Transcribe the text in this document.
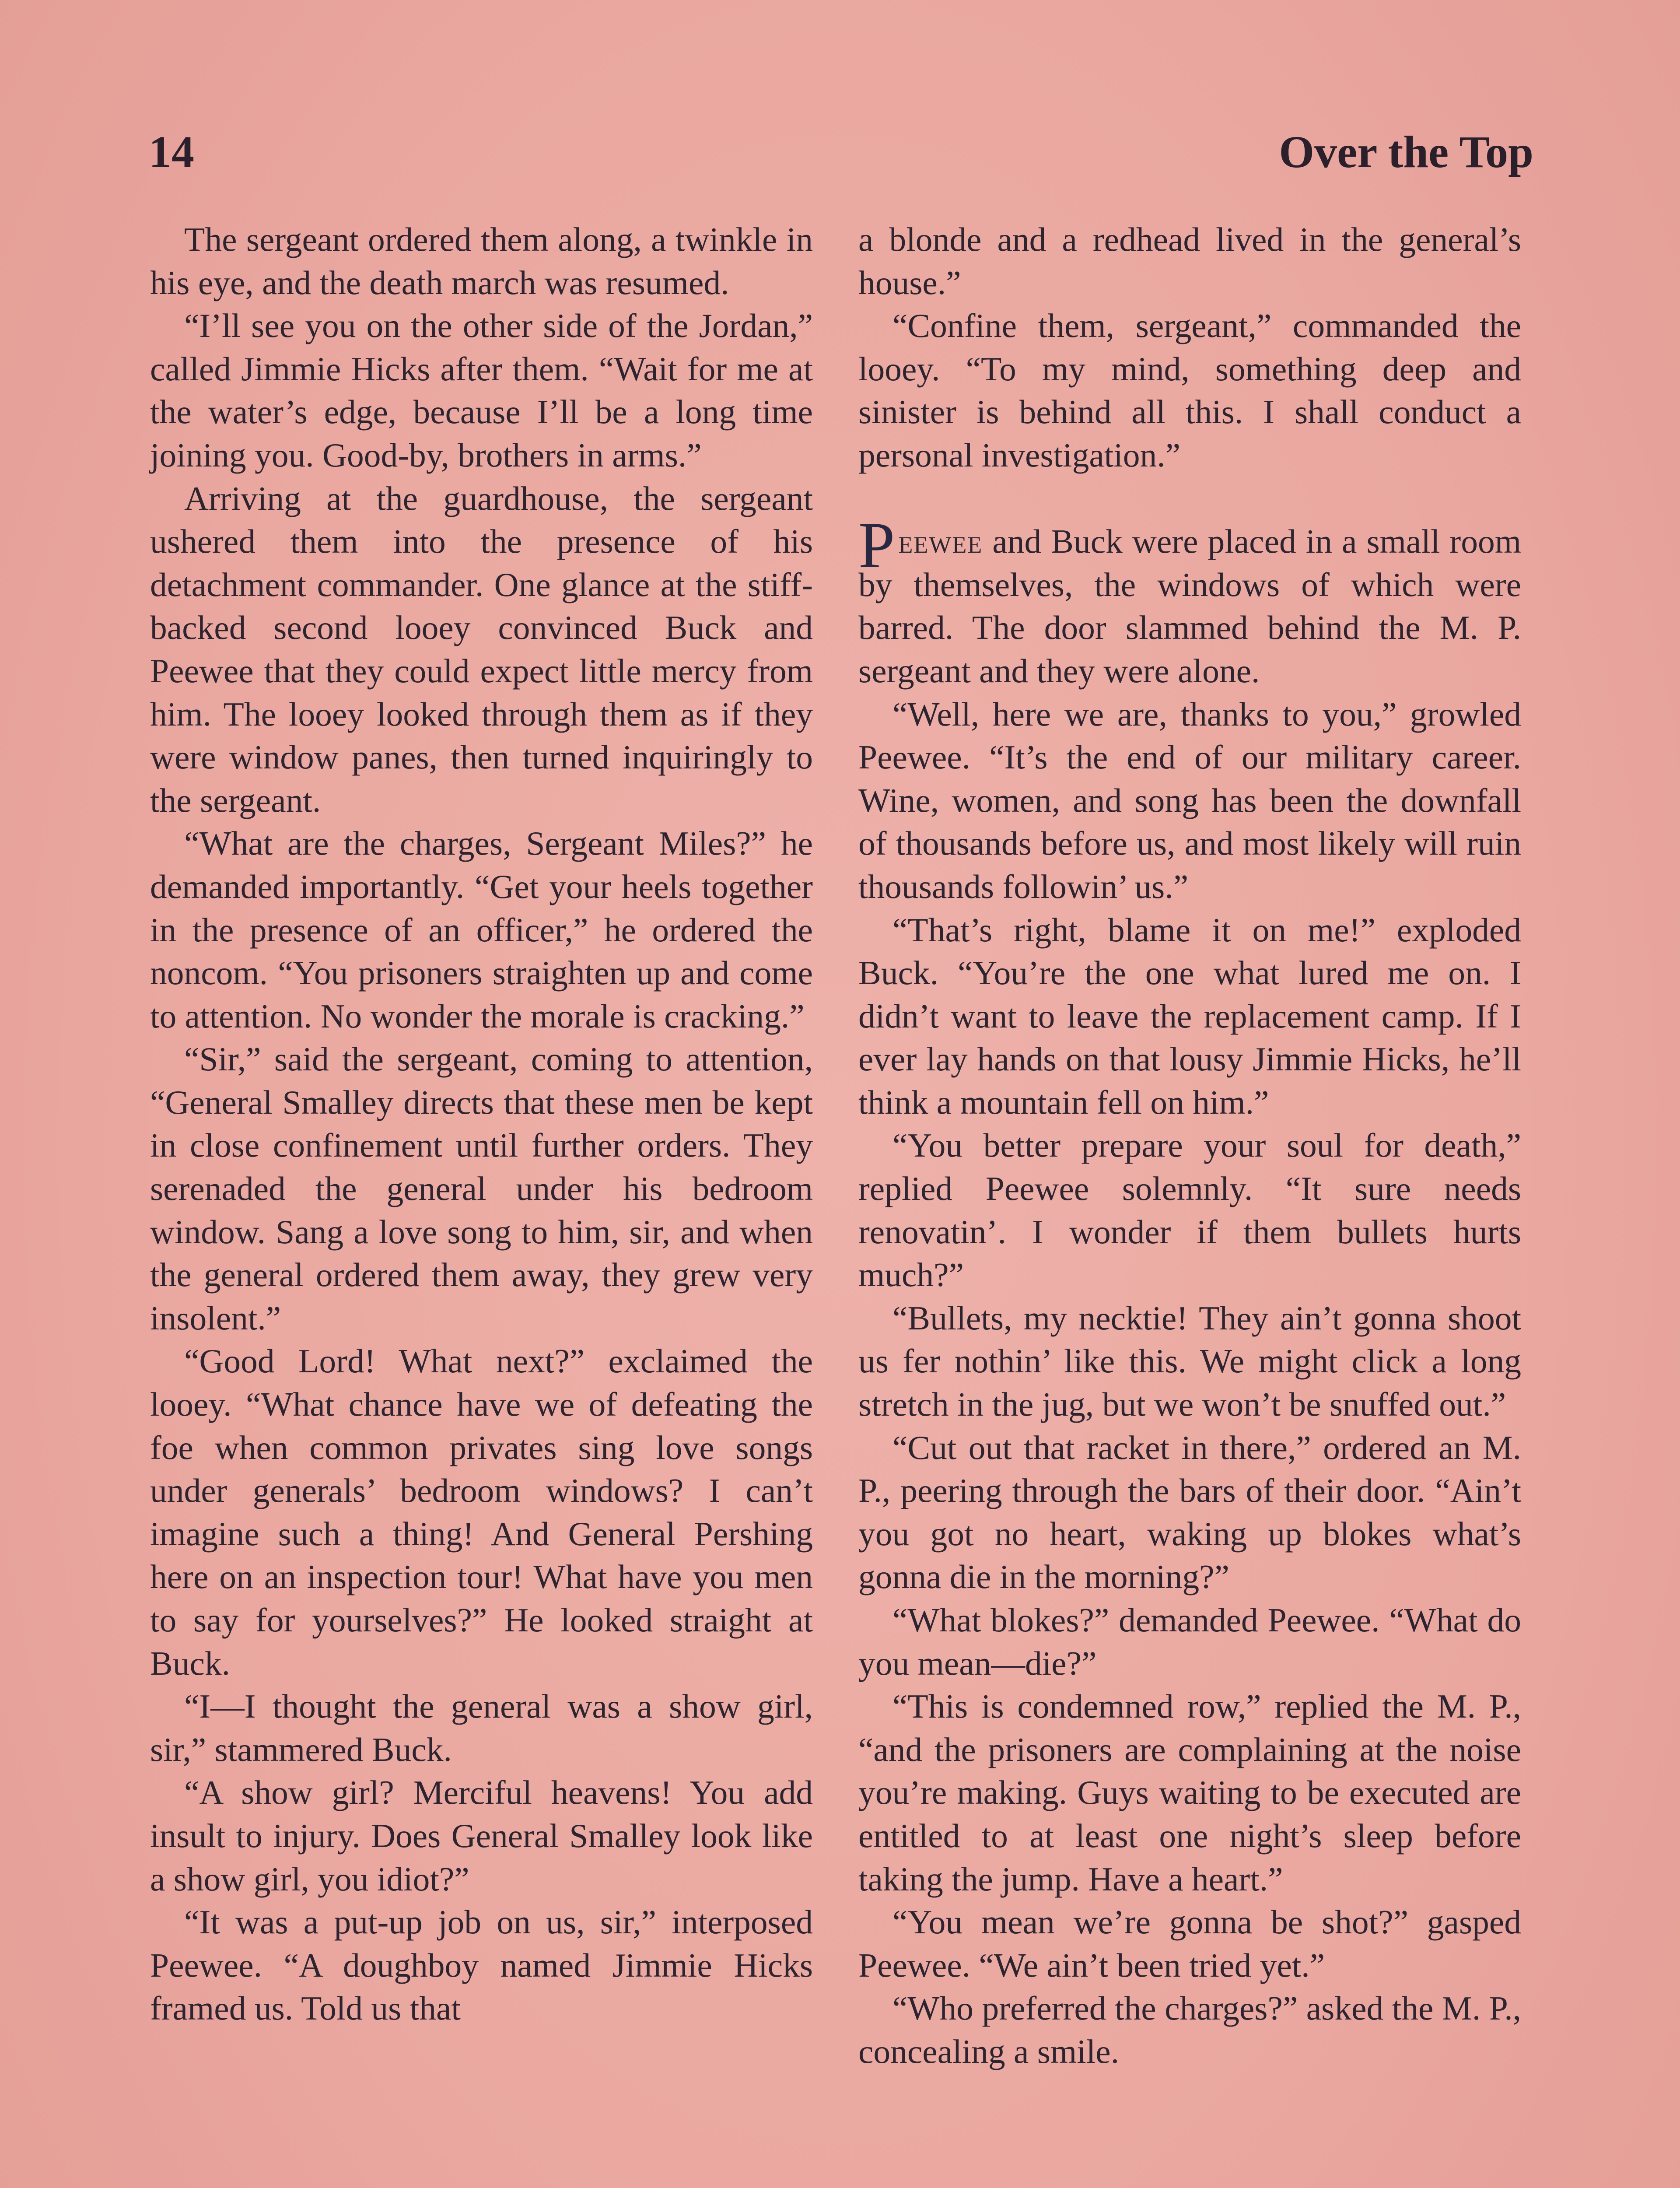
14	Over the Top

The sergeant ordered them along, a twinkle in his eye, and the death march was resumed.

“I’ll see you on the other side of the Jordan,” called Jimmie Hicks after them. “Wait for me at the water’s edge, because I’ll be a long time joining you. Good-by, brothers in arms.”

Arriving at the guardhouse, the sergeant ushered them into the presence of his detachment commander. One glance at the stiff-backed second looey convinced Buck and Peewee that they could expect little mercy from him. The looey looked through them as if they were window panes, then turned inquiringly to the sergeant.

“What are the charges, Sergeant Miles?” he demanded importantly. “Get your heels together in the presence of an officer,” he ordered the noncom. “You prisoners straighten up and come to attention. No wonder the morale is cracking.”

“Sir,” said the sergeant, coming to attention, “General Smalley directs that these men be kept in close confinement until further orders. They serenaded the general under his bedroom window. Sang a love song to him, sir, and when the general ordered them away, they grew very insolent.”

“Good Lord! What next?” exclaimed the looey. “What chance have we of defeating the foe when common privates sing love songs under generals’ bedroom windows? I can’t imagine such a thing! And General Pershing here on an inspection tour! What have you men to say for yourselves?” He looked straight at Buck.

“I—I thought the general was a show girl, sir,” stammered Buck.

“A show girl? Merciful heavens! You add insult to injury. Does General Smalley look like a show girl, you idiot?”

“It was a put-up job on us, sir,” interposed Peewee. “A doughboy named Jimmie Hicks framed us. Told us that

a blonde and a redhead lived in the general’s house.”

“Confine them, sergeant,” commanded the looey. “To my mind, something deep and sinister is behind all this. I shall conduct a personal investigation.”

Peewee and Buck were placed in a small room by themselves, the windows of which were barred. The door slammed behind the M. P. sergeant and they were alone.

“Well, here we are, thanks to you,” growled Peewee. “It’s the end of our military career. Wine, women, and song has been the downfall of thousands before us, and most likely will ruin thousands followin’ us.”

“That’s right, blame it on me!” exploded Buck. “You’re the one what lured me on. I didn’t want to leave the replacement camp. If I ever lay hands on that lousy Jimmie Hicks, he’ll think a mountain fell on him.”

“You better prepare your soul for death,” replied Peewee solemnly. “It sure needs renovatin’. I wonder if them bullets hurts much?”

“Bullets, my necktie! They ain’t gonna shoot us fer nothin’ like this. We might click a long stretch in the jug, but we won’t be snuffed out.”

“Cut out that racket in there,” ordered an M. P., peering through the bars of their door. “Ain’t you got no heart, waking up blokes what’s gonna die in the morning?”

“What blokes?” demanded Peewee. “What do you mean—die?”

“This is condemned row,” replied the M. P., “and the prisoners are complaining at the noise you’re making. Guys waiting to be executed are entitled to at least one night’s sleep before taking the jump. Have a heart.”

“You mean we’re gonna be shot?” gasped Peewee. “We ain’t been tried yet.”

“Who preferred the charges?” asked the M. P., concealing a smile.
